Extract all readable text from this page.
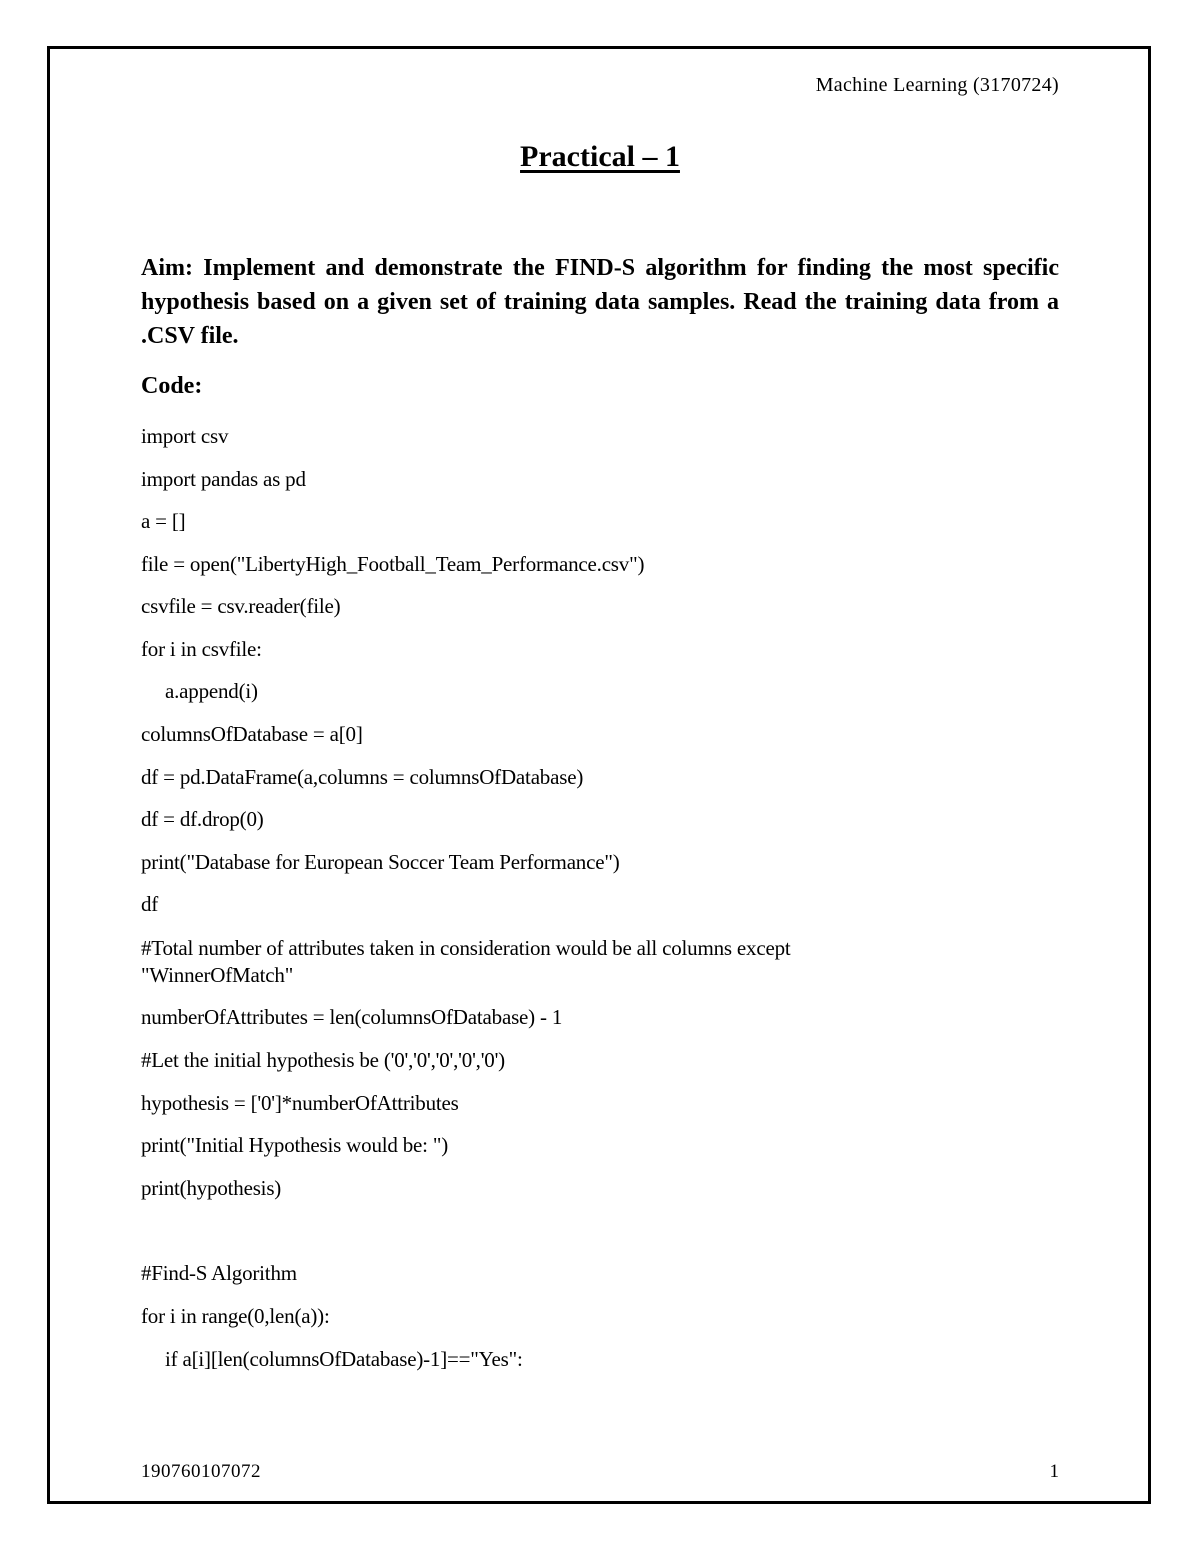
Machine Learning (3170724)
Practical – 1
Aim: Implement and demonstrate the FIND-S algorithm for finding the most specific hypothesis based on a given set of training data samples. Read the training data from a .CSV file.
Code:
import csv
import pandas as pd
a = []
file = open("LibertyHigh_Football_Team_Performance.csv")
csvfile = csv.reader(file)
for i in csvfile:
a.append(i)
columnsOfDatabase = a[0]
df = pd.DataFrame(a,columns = columnsOfDatabase)
df = df.drop(0)
print("Database for European Soccer Team Performance")
df
#Total number of attributes taken in consideration would be all columns except
"WinnerOfMatch"
numberOfAttributes = len(columnsOfDatabase) - 1
#Let the initial hypothesis be ('0','0','0','0','0')
hypothesis = ['0']*numberOfAttributes
print("Initial Hypothesis would be: ")
print(hypothesis)
#Find-S Algorithm
for i in range(0,len(a)):
if a[i][len(columnsOfDatabase)-1]=="Yes":
190760107072	1
